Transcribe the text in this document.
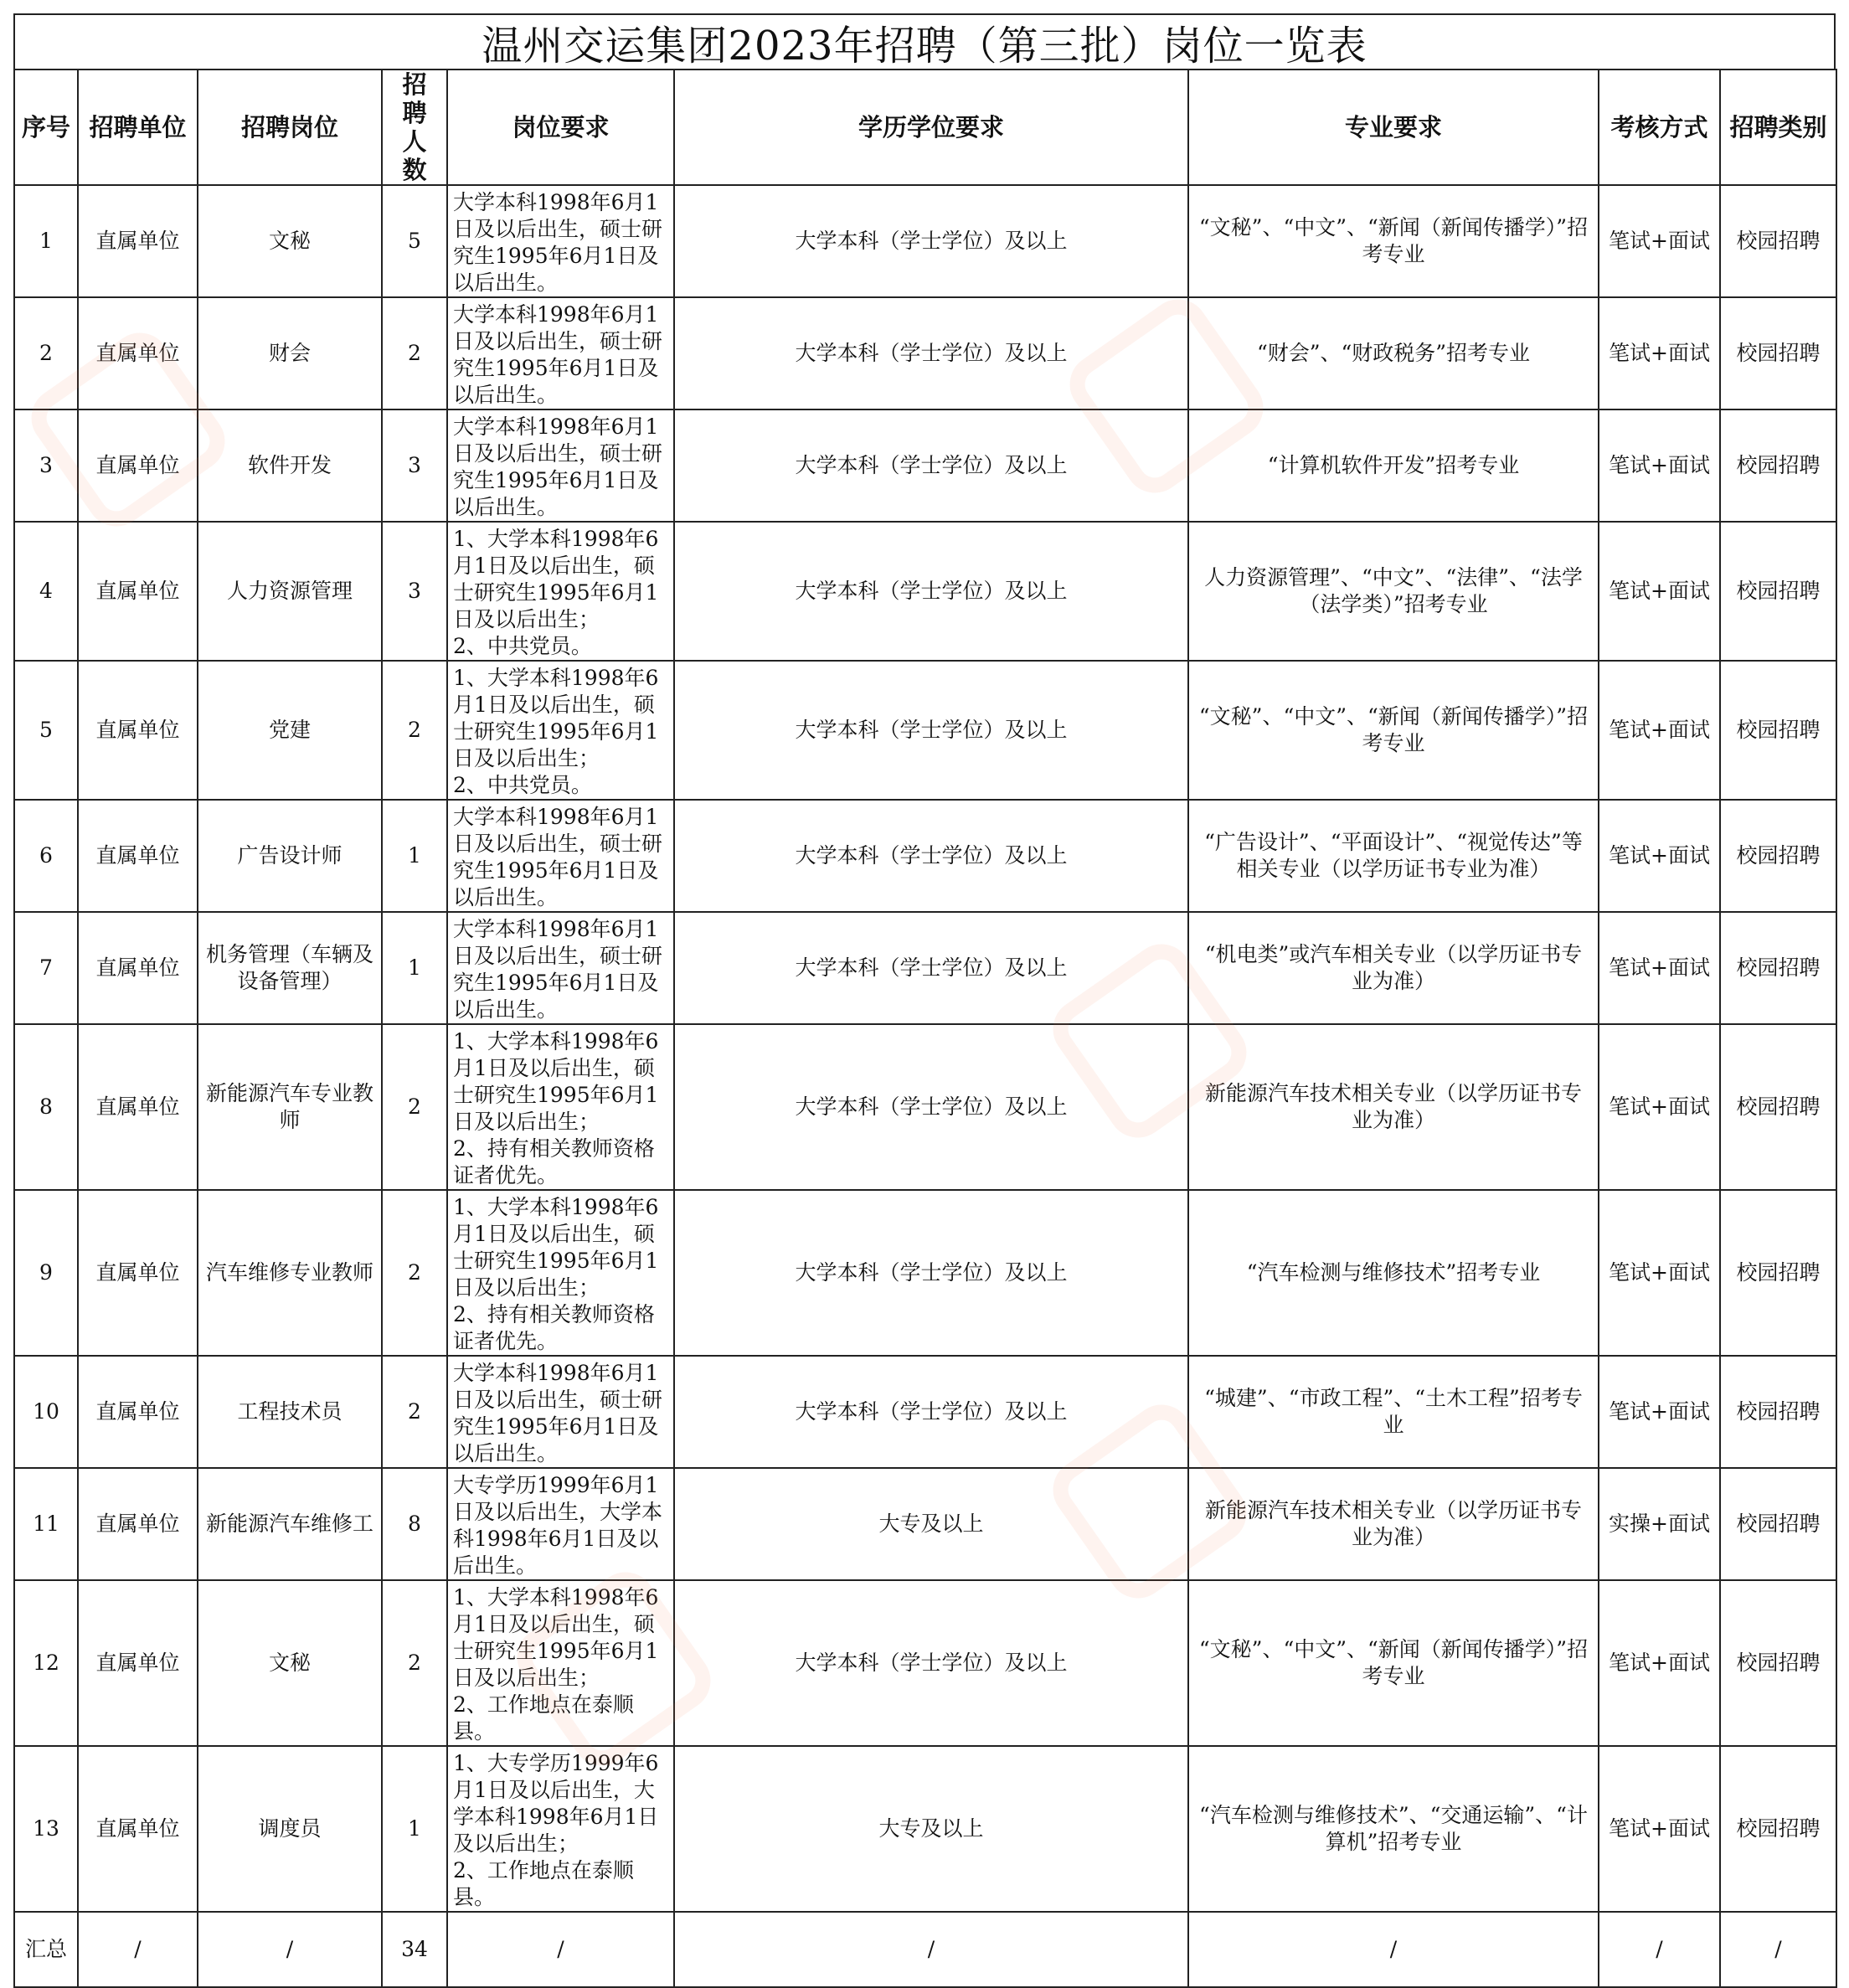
温州交运集团2023年招聘（第三批）岗位一览表
序号	招聘单位	招聘岗位	招聘人数	岗位要求	学历学位要求	专业要求	考核方式	招聘类别
1	直属单位	文秘	5	大学本科1998年6月1日及以后出生，硕士研究生1995年6月1日及以后出生。	大学本科（学士学位）及以上	“文秘”、“中文”、“新闻（新闻传播学）”招考专业	笔试+面试	校园招聘
2	直属单位	财会	2	大学本科1998年6月1日及以后出生，硕士研究生1995年6月1日及以后出生。	大学本科（学士学位）及以上	“财会”、“财政税务”招考专业	笔试+面试	校园招聘
3	直属单位	软件开发	3	大学本科1998年6月1日及以后出生，硕士研究生1995年6月1日及以后出生。	大学本科（学士学位）及以上	“计算机软件开发”招考专业	笔试+面试	校园招聘
4	直属单位	人力资源管理	3	1、大学本科1998年6月1日及以后出生，硕士研究生1995年6月1日及以后出生；
2、中共党员。	大学本科（学士学位）及以上	人力资源管理”、“中文”、“法律”、“法学（法学类）”招考专业	笔试+面试	校园招聘
5	直属单位	党建	2	1、大学本科1998年6月1日及以后出生，硕士研究生1995年6月1日及以后出生；
2、中共党员。	大学本科（学士学位）及以上	“文秘”、“中文”、“新闻（新闻传播学）”招考专业	笔试+面试	校园招聘
6	直属单位	广告设计师	1	大学本科1998年6月1日及以后出生，硕士研究生1995年6月1日及以后出生。	大学本科（学士学位）及以上	“广告设计”、“平面设计”、“视觉传达”等相关专业（以学历证书专业为准）	笔试+面试	校园招聘
7	直属单位	机务管理（车辆及设备管理）	1	大学本科1998年6月1日及以后出生，硕士研究生1995年6月1日及以后出生。	大学本科（学士学位）及以上	“机电类”或汽车相关专业（以学历证书专业为准）	笔试+面试	校园招聘
8	直属单位	新能源汽车专业教师	2	1、大学本科1998年6月1日及以后出生，硕士研究生1995年6月1日及以后出生；
2、持有相关教师资格证者优先。	大学本科（学士学位）及以上	新能源汽车技术相关专业（以学历证书专业为准）	笔试+面试	校园招聘
9	直属单位	汽车维修专业教师	2	1、大学本科1998年6月1日及以后出生，硕士研究生1995年6月1日及以后出生；
2、持有相关教师资格证者优先。	大学本科（学士学位）及以上	“汽车检测与维修技术”招考专业	笔试+面试	校园招聘
10	直属单位	工程技术员	2	大学本科1998年6月1日及以后出生，硕士研究生1995年6月1日及以后出生。	大学本科（学士学位）及以上	“城建”、“市政工程”、“土木工程”招考专业	笔试+面试	校园招聘
11	直属单位	新能源汽车维修工	8	大专学历1999年6月1日及以后出生，大学本科1998年6月1日及以后出生。	大专及以上	新能源汽车技术相关专业（以学历证书专业为准）	实操+面试	校园招聘
12	直属单位	文秘	2	1、大学本科1998年6月1日及以后出生，硕士研究生1995年6月1日及以后出生；
2、工作地点在泰顺县。	大学本科（学士学位）及以上	“文秘”、“中文”、“新闻（新闻传播学）”招考专业	笔试+面试	校园招聘
13	直属单位	调度员	1	1、大专学历1999年6月1日及以后出生，大学本科1998年6月1日及以后出生；
2、工作地点在泰顺县。	大专及以上	“汽车检测与维修技术”、“交通运输”、“计算机”招考专业	笔试+面试	校园招聘
汇总	/	/	34	/	/	/	/	/
